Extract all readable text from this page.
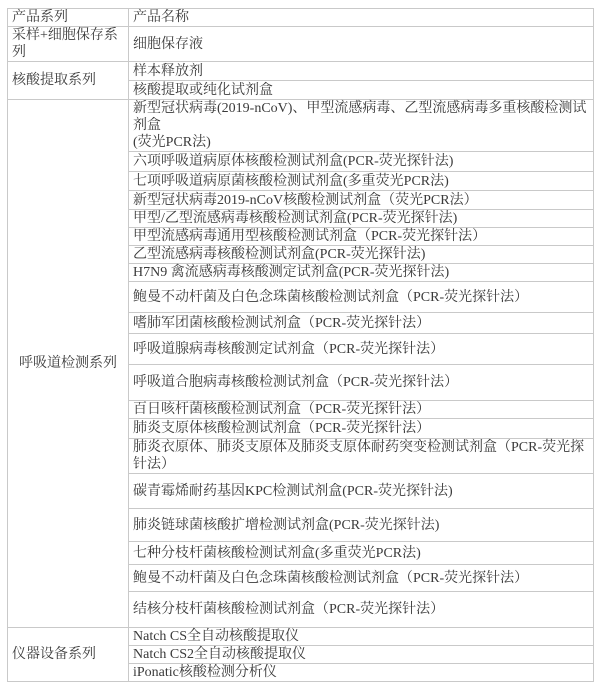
产品系列	产品名称
采样+细胞保存系列	细胞保存液
核酸提取系列	样本释放剂
	核酸提取或纯化试剂盒
呼吸道检测系列	新型冠状病毒(2019-nCoV)、甲型流感病毒、乙型流感病毒多重核酸检测试剂盒
(荧光PCR法)
	六项呼吸道病原体核酸检测试剂盒(PCR-荧光探针法)
	七项呼吸道病原菌核酸检测试剂盒(多重荧光PCR法)
	新型冠状病毒2019-nCoV核酸检测试剂盒（荧光PCR法）
	甲型/乙型流感病毒核酸检测试剂盒(PCR-荧光探针法)
	甲型流感病毒通用型核酸检测试剂盒（PCR-荧光探针法）
	乙型流感病毒核酸检测试剂盒(PCR-荧光探针法)
	H7N9 禽流感病毒核酸测定试剂盒(PCR-荧光探针法)
	鲍曼不动杆菌及白色念珠菌核酸检测试剂盒（PCR-荧光探针法）
	嗜肺军团菌核酸检测试剂盒（PCR-荧光探针法）
	呼吸道腺病毒核酸测定试剂盒（PCR-荧光探针法）
	呼吸道合胞病毒核酸检测试剂盒（PCR-荧光探针法）
	百日咳杆菌核酸检测试剂盒（PCR-荧光探针法）
	肺炎支原体核酸检测试剂盒（PCR-荧光探针法）
	肺炎衣原体、肺炎支原体及肺炎支原体耐药突变检测试剂盒（PCR-荧光探针法）
	碳青霉烯耐药基因KPC检测试剂盒(PCR-荧光探针法)
	肺炎链球菌核酸扩增检测试剂盒(PCR-荧光探针法)
	七种分枝杆菌核酸检测试剂盒(多重荧光PCR法)
	鲍曼不动杆菌及白色念珠菌核酸检测试剂盒（PCR-荧光探针法）
	结核分枝杆菌核酸检测试剂盒（PCR-荧光探针法）
仪器设备系列	Natch CS全自动核酸提取仪
	Natch CS2全自动核酸提取仪
	iPonatic核酸检测分析仪
